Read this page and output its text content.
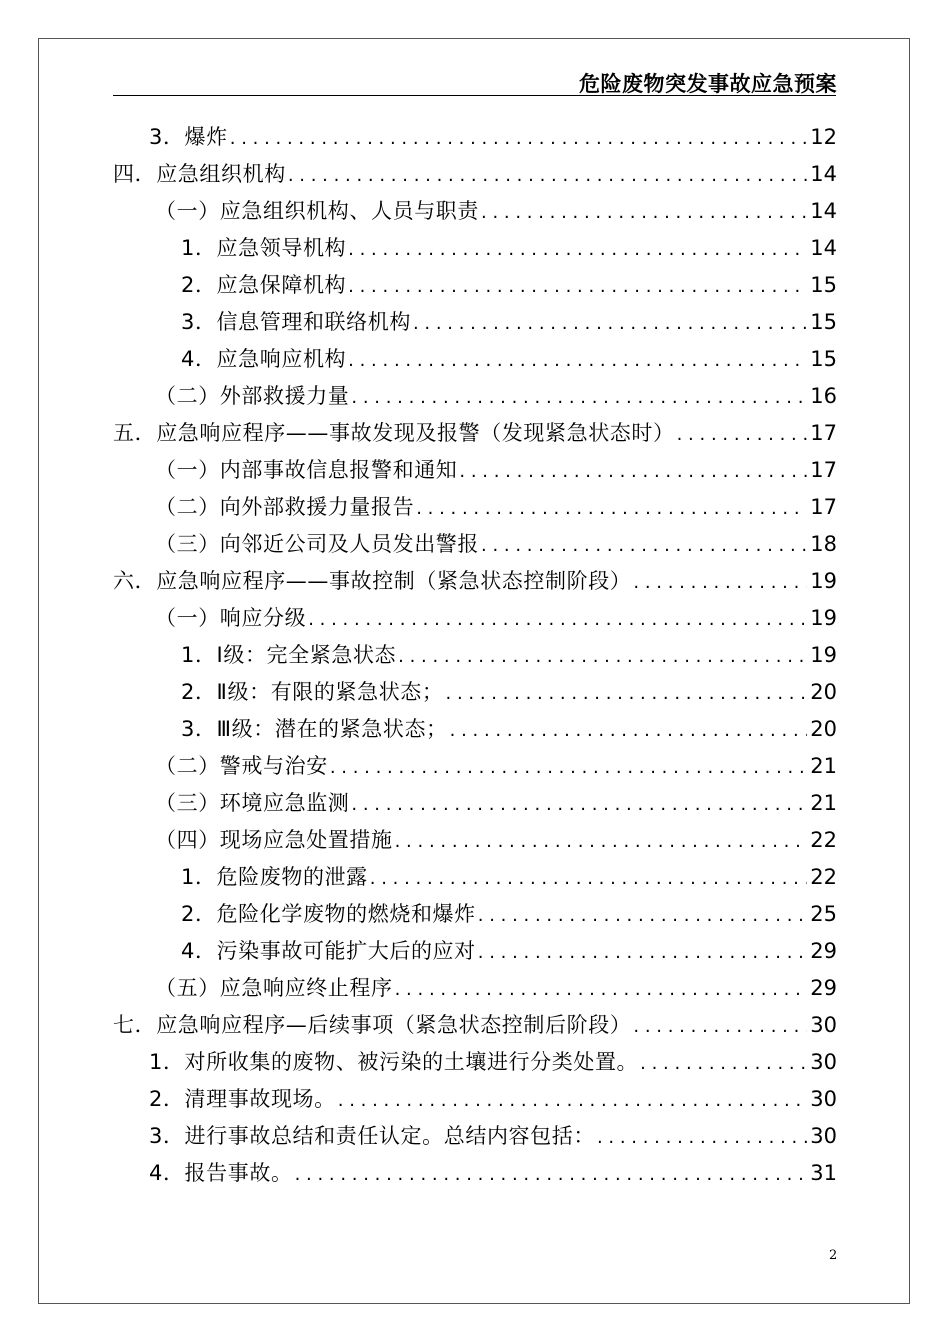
危险废物突发事故应急预案
3．爆炸 . . .	12
四．应急组织机构 . . .	14
（一）应急组织机构、人员与职责 . . .	14
1．应急领导机构 . . .	14
2．应急保障机构 . . .	15
3．信息管理和联络机构 . . .	15
4．应急响应机构 . . .	15
（二）外部救援力量 . . .	16
五．应急响应程序——事故发现及报警（发现紧急状态时） . . .	17
（一）内部事故信息报警和通知 . . .	17
（二）向外部救援力量报告 . . .	17
（三）向邻近公司及人员发出警报 . . .	18
六．应急响应程序——事故控制（紧急状态控制阶段） . . .	19
（一）响应分级 . . .	19
1．Ⅰ级：完全紧急状态 . . .	19
2．Ⅱ级：有限的紧急状态； . . .	20
3．Ⅲ级：潜在的紧急状态； . . .	20
（二）警戒与治安 . . .	21
（三）环境应急监测 . . .	21
（四）现场应急处置措施 . . .	22
1．危险废物的泄露 . . .	22
2．危险化学废物的燃烧和爆炸 . . .	25
4．污染事故可能扩大后的应对 . . .	29
（五）应急响应终止程序 . . .	29
七．应急响应程序—后续事项（紧急状态控制后阶段） . . .	30
1．对所收集的废物、被污染的土壤进行分类处置。 . . .	30
2．清理事故现场。 . . .	30
3．进行事故总结和责任认定。总结内容包括： . . .	30
4．报告事故。 . . .	31
2
